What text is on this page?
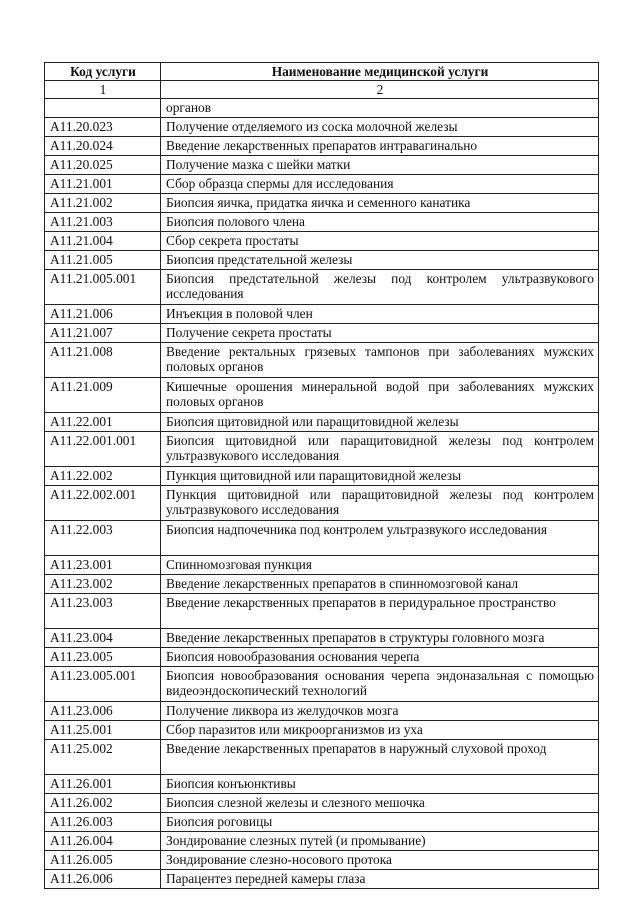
Код услуги	Наименование медицинской услуги
1	2
	органов
A11.20.023	Получение отделяемого из соска молочной железы
A11.20.024	Введение лекарственных препаратов интравагинально
A11.20.025	Получение мазка с шейки матки
A11.21.001	Сбор образца спермы для исследования
A11.21.002	Биопсия яичка, придатка яичка и семенного канатика
A11.21.003	Биопсия полового члена
A11.21.004	Сбор секрета простаты
A11.21.005	Биопсия предстательной железы
A11.21.005.001	Биопсия предстательной железы под контролем ультразвукового исследования
A11.21.006	Инъекция в половой член
A11.21.007	Получение секрета простаты
A11.21.008	Введение ректальных грязевых тампонов при заболеваниях мужских половых органов
A11.21.009	Кишечные орошения минеральной водой при заболеваниях мужских половых органов
A11.22.001	Биопсия щитовидной или паращитовидной железы
A11.22.001.001	Биопсия щитовидной или паращитовидной железы под контролем ультразвукового исследования
A11.22.002	Пункция щитовидной или паращитовидной железы
A11.22.002.001	Пункция щитовидной или паращитовидной железы под контролем ультразвукового исследования
A11.22.003	Биопсия надпочечника под контролем ультразвукого исследования
A11.23.001	Спинномозговая пункция
A11.23.002	Введение лекарственных препаратов в спинномозговой канал
A11.23.003	Введение лекарственных препаратов в перидуральное пространство
A11.23.004	Введение лекарственных препаратов в структуры головного мозга
A11.23.005	Биопсия новообразования основания черепа
A11.23.005.001	Биопсия новообразования основания черепа эндоназальная с помощью видеоэндоскопический технологий
A11.23.006	Получение ликвора из желудочков мозга
A11.25.001	Сбор паразитов или микроорганизмов из уха
A11.25.002	Введение лекарственных препаратов в наружный слуховой проход
A11.26.001	Биопсия конъюнктивы
A11.26.002	Биопсия слезной железы и слезного мешочка
A11.26.003	Биопсия роговицы
A11.26.004	Зондирование слезных путей (и промывание)
A11.26.005	Зондирование слезно-носового протока
A11.26.006	Парацентез передней камеры глаза
